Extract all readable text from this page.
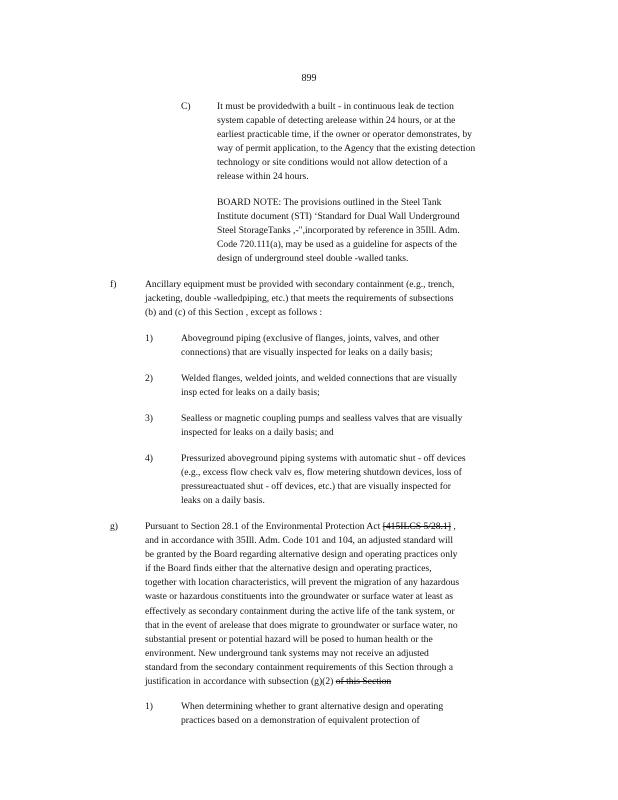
899
C)	It must be providedwith a built - in continuous leak de tection

system capable of detecting arelease within 24 hours, or at the

earliest practicable time, if the owner or operator demonstrates, by

way of permit application, to the Agency that the existing detection

technology or site conditions would not allow detection of a

release within 24 hours.

BOARD NOTE: The provisions outlined in the Steel Tank

Institute document (STI) ‘Standard for Dual Wall Underground

Steel StorageTanks ,-",incorporated by reference in 35Ill. Adm.

Code 720.111(a), may be used as a guideline for aspects of the

design of underground steel double -walled tanks.

f)	Ancillary equipment must be provided with secondary containment (e.g., trench,

jacketing, double -walledpiping, etc.) that meets the requirements of subsections

(b) and (c) of this Section , except as follows :

1)	Aboveground piping (exclusive of flanges, joints, valves, and other

connections) that are visually inspected for leaks on a daily basis;

2)	Welded flanges, welded joints, and welded connections that are visually

insp ected for leaks on a daily basis;

3)	Sealless or magnetic coupling pumps and sealless valves that are visually

inspected for leaks on a daily basis; and

4)	Pressurized aboveground piping systems with automatic shut - off devices

(e.g., excess flow check valv es, flow metering shutdown devices, loss of

pressureactuated shut - off devices, etc.) that are visually inspected for

leaks on a daily basis.

g)	Pursuant to Section 28.1 of the Environmental Protection Act [415ILCS 5/28.1] ,

and in accordance with 35Ill. Adm. Code 101 and 104, an adjusted standard will

be granted by the Board regarding alternative design and operating practices only

if the Board finds either that the alternative design and operating practices,

together with location characteristics, will prevent the migration of any hazardous

waste or hazardous constituents into the groundwater or surface water at least as

effectively as secondary containment during the active life of the tank system, or

that in the event of arelease that does migrate to groundwater or surface water, no

substantial present or potential hazard will be posed to human health or the

environment. New underground tank systems may not receive an adjusted

standard from the secondary containment requirements of this Section through a

justification in accordance with subsection (g)(2) of this Section

1)	When determining whether to grant alternative design and operating

practices based on a demonstration of equivalent protection of
